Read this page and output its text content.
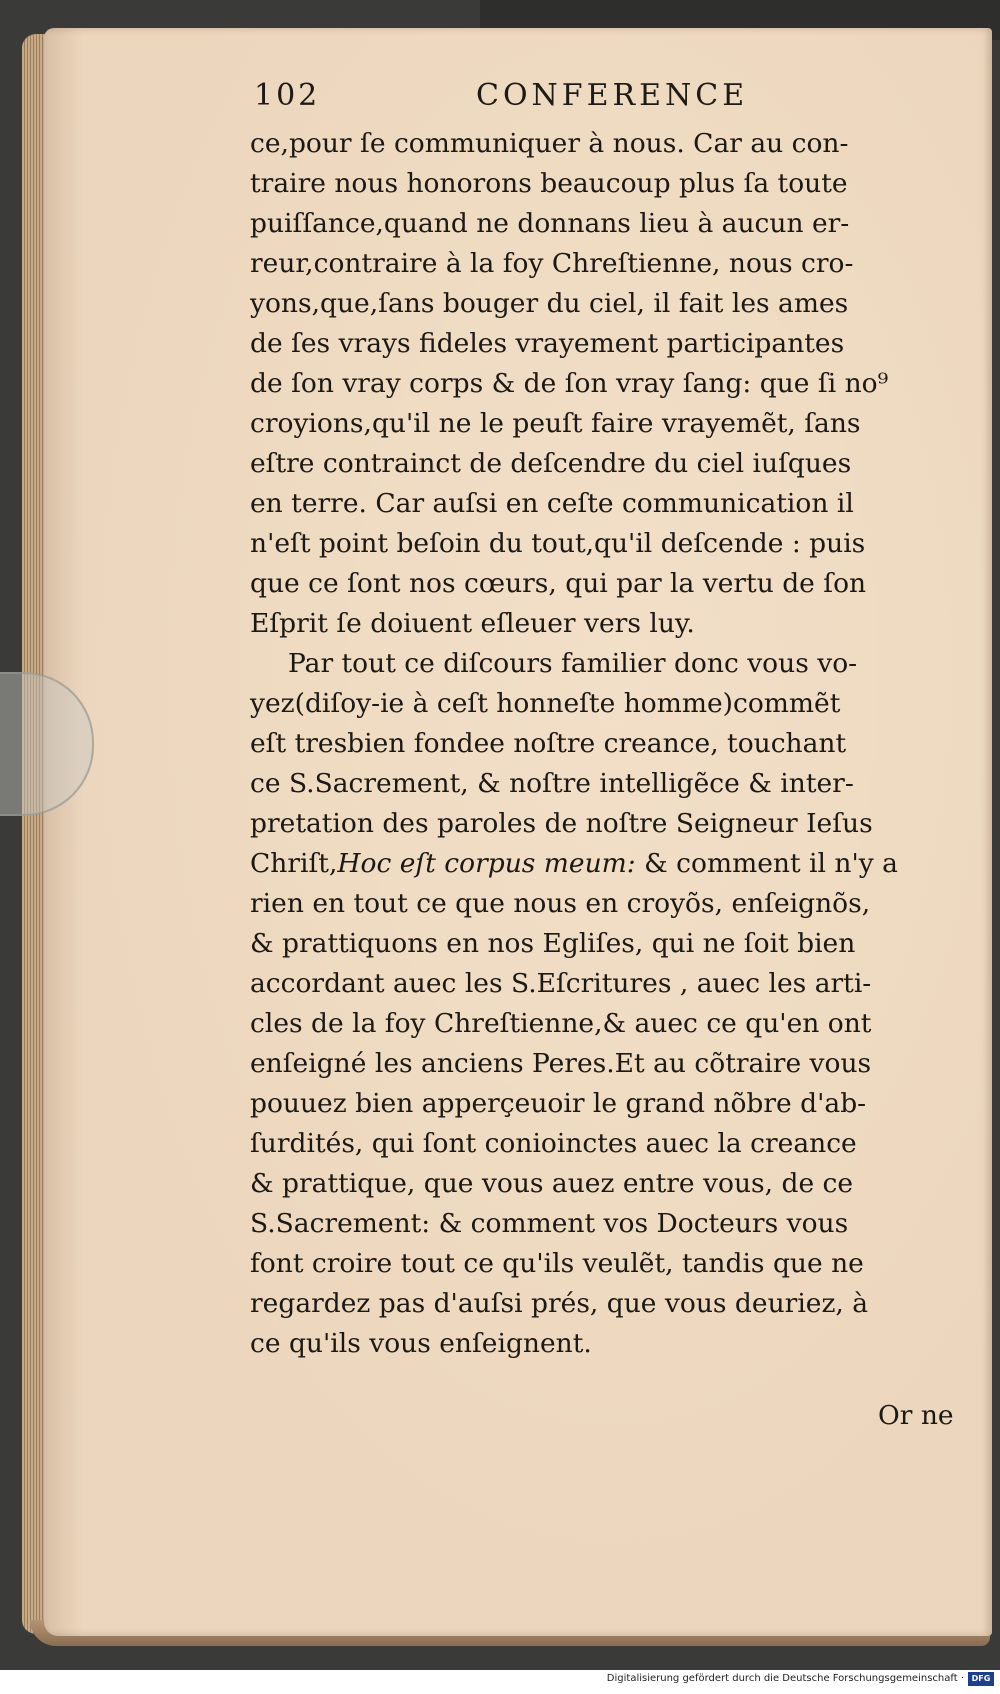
102	CONFERENCE
ce,pour ſe communiquer à nous. Car au con-
traire nous honorons beaucoup plus ſa toute
puiſſance,quand ne donnans lieu à aucun er-
reur,contraire à la foy Chreſtienne, nous cro-
yons,que,ſans bouger du ciel, il fait les ames
de ſes vrays fideles vrayement participantes
de ſon vray corps & de ſon vray ſang: que ſi no⁹
croyions,qu'il ne le peuſt faire vrayemẽt, ſans
eſtre contrainct de deſcendre du ciel iuſques
en terre. Car auſsi en ceſte communication il
n'eſt point beſoin du tout,qu'il deſcende : puis
que ce ſont nos cœurs, qui par la vertu de ſon
Eſprit ſe doiuent eſleuer vers luy.
Par tout ce diſcours familier donc vous vo-
yez(diſoy-ie à ceſt honneſte homme)commẽt
eſt tresbien fondee noſtre creance, touchant
ce S.Sacrement, & noſtre intelligẽce & inter-
pretation des paroles de noſtre Seigneur Ieſus
Chriſt,Hoc eſt corpus meum: & comment il n'y a
rien en tout ce que nous en croyõs, enſeignõs,
& prattiquons en nos Egliſes, qui ne ſoit bien
accordant auec les S.Eſcritures , auec les arti-
cles de la foy Chreſtienne,& auec ce qu'en ont
enſeigné les anciens Peres.Et au cõtraire vous
pouuez bien apperçeuoir le grand nõbre d'ab-
ſurdités, qui ſont conioinctes auec la creance
& prattique, que vous auez entre vous, de ce
S.Sacrement: & comment vos Docteurs vous
font croire tout ce qu'ils veulẽt, tandis que ne
regardez pas d'auſsi prés, que vous deuriez, à
ce qu'ils vous enſeignent.
Or ne
Digitalisierung gefördert durch die Deutsche Forschungsgemeinschaft · DFG
